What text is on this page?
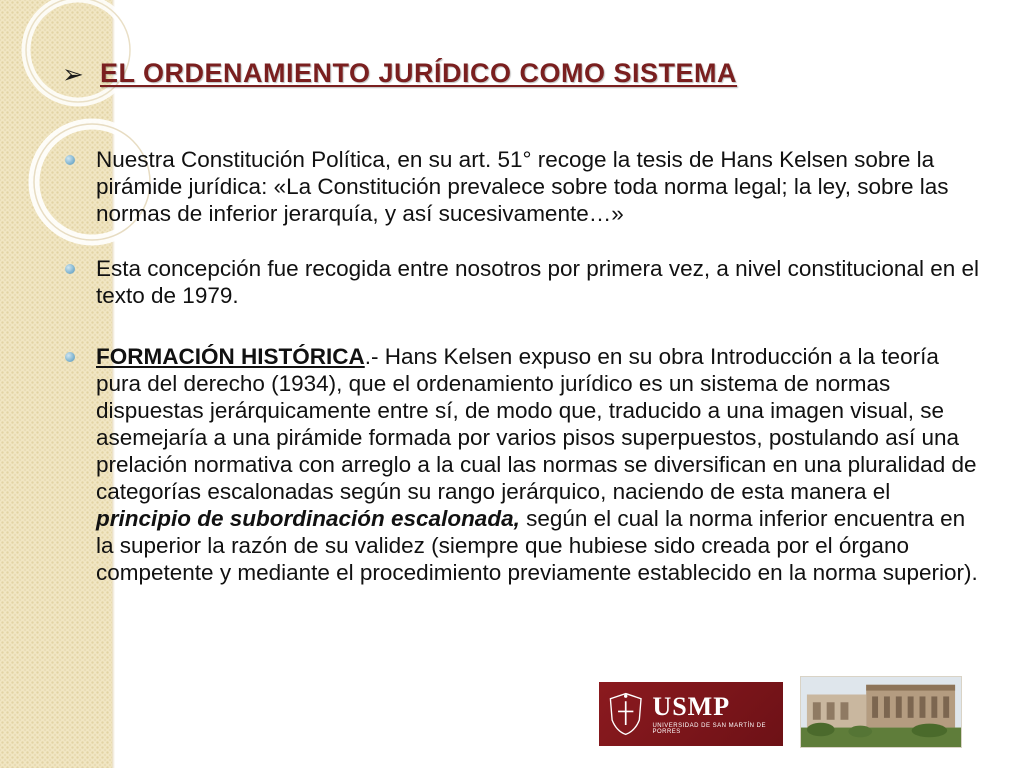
➢ EL ORDENAMIENTO JURÍDICO COMO SISTEMA
Nuestra Constitución Política, en su art. 51° recoge la tesis de Hans Kelsen sobre la pirámide jurídica: «La Constitución prevalece sobre toda norma legal; la ley, sobre las normas de inferior jerarquía, y así sucesivamente…»
Esta concepción fue recogida entre nosotros por primera vez, a nivel constitucional en el texto de 1979.
FORMACIÓN HISTÓRICA.- Hans Kelsen expuso en su obra Introducción a la teoría pura del derecho (1934), que el ordenamiento jurídico es un sistema de normas dispuestas jerárquicamente entre sí, de modo que, traducido a una imagen visual, se asemejaría a una pirámide formada por varios pisos superpuestos, postulando así una prelación normativa con arreglo a la cual las normas se diversifican en una pluralidad de categorías escalonadas según su rango jerárquico, naciendo de esta manera el principio de subordinación escalonada, según el cual la norma inferior encuentra en la superior la razón de su validez (siempre que hubiese sido creada por el órgano competente y mediante el procedimiento previamente establecido en la norma superior).
USMP
UNIVERSIDAD DE SAN MARTÍN DE PORRES
